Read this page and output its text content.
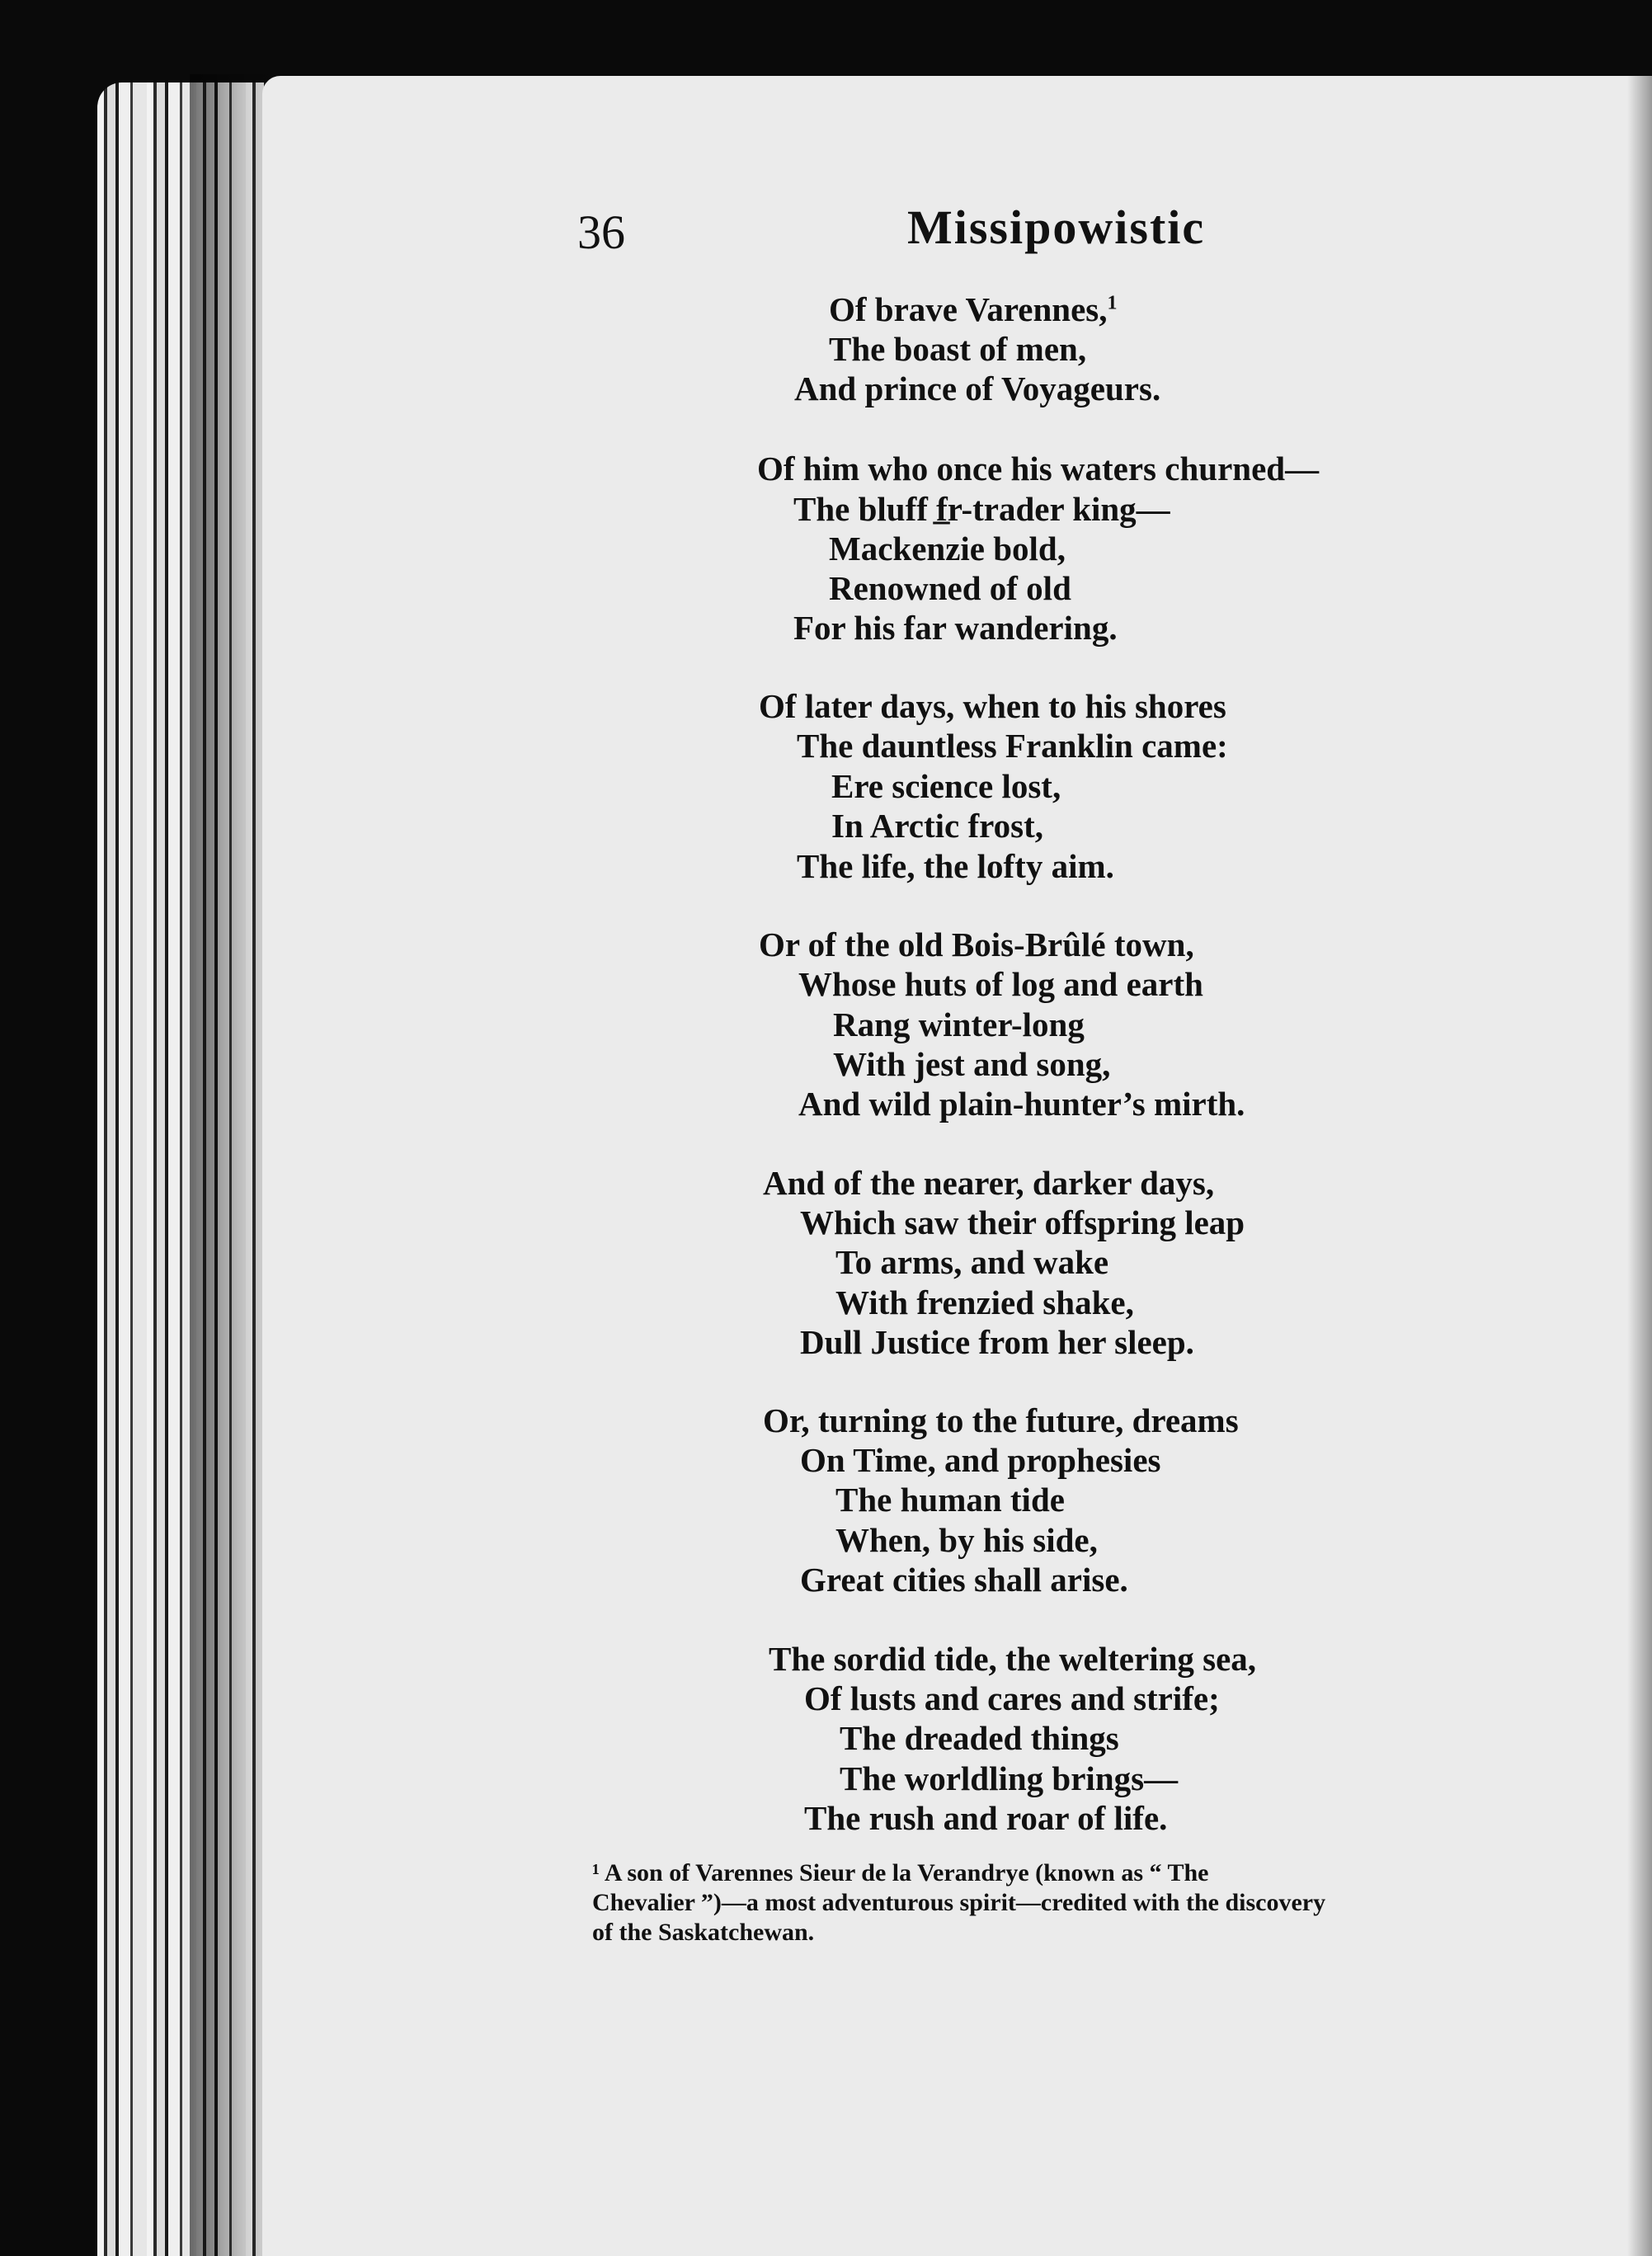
36	Missipowistic
Of brave Varennes,$^1$
The boast of men,
And prince of Voyageurs.
Of him who once his waters churned—
The bluff f̲r-trader king—
Mackenzie bold,
Renowned of old
For his far wandering.
Of later days, when to his shores
The dauntless Franklin came:
Ere science lost,
In Arctic frost,
The life, the lofty aim.
Or of the old Bois-Brûlé town,
Whose huts of log and earth
Rang winter-long
With jest and song,
And wild plain-hunter’s mirth.
And of the nearer, darker days,
Which saw their offspring leap
To arms, and wake
With frenzied shake,
Dull Justice from her sleep.
Or, turning to the future, dreams
On Time, and prophesies
The human tide
When, by his side,
Great cities shall arise.
The sordid tide, the weltering sea,
Of lusts and cares and strife;
The dreaded things
The worldling brings—
The rush and roar of life.
¹ A son of Varennes Sieur de la Verandrye (known as “ The
Chevalier ”)—a most adventurous spirit—credited with the discovery
of the Saskatchewan.
